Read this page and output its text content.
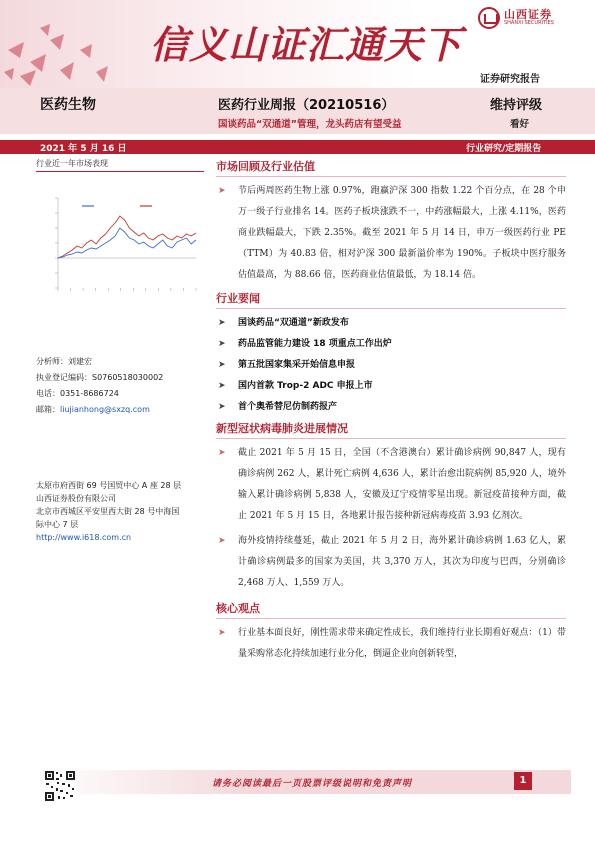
信义山证汇通天下
山西证券
SHANXI SECURITIES
证券研究报告
医药生物	医药行业周报（20210516）
国谈药品“双通道”管理，龙头药店有望受益
维持评级
看好
2021 年 5 月 16 日	行业研究/定期报告
行业近一年市场表现
分析师：刘建宏
执业登记编码：S0760518030002
电话：0351-8686724
邮箱：liujianhong@sxzq.com
太原市府西街 69 号国贸中心 A 座 28 层
山西证券股份有限公司
北京市西城区平安里西大街 28 号中海国
际中心 7 层
http://www.i618.com.cn
市场回顾及行业估值
➤ 节后两周医药生物上涨 0.97%，跑赢沪深 300 指数 1.22 个百分点，在 28 个申万一级子行业排名 14。医药子板块涨跌不一，中药涨幅最大，上涨 4.11%，医药商业跌幅最大，下跌 2.35%。截至 2021 年 5 月 14 日，申万一级医药行业 PE（TTM）为 40.83 倍，相对沪深 300 最新溢价率为 190%。子板块中医疗服务估值最高，为 88.66 倍，医药商业估值最低，为 18.14 倍。
行业要闻
➤ 国谈药品“双通道”新政发布
➤ 药品监管能力建设 18 项重点工作出炉
➤ 第五批国家集采开始信息申报
➤ 国内首款 Trop-2 ADC 申报上市
➤ 首个奥希替尼仿制药报产
新型冠状病毒肺炎进展情况
➤ 截止 2021 年 5 月 15 日，全国（不含港澳台）累计确诊病例 90,847 人，现有确诊病例 262 人，累计死亡病例 4,636 人，累计治愈出院病例 85,920 人，境外输入累计确诊病例 5,838 人，安徽及辽宁疫情零星出现。新冠疫苗接种方面，截止 2021 年 5 月 15 日，各地累计报告接种新冠病毒疫苗 3.93 亿剂次。
➤ 海外疫情持续蔓延，截止 2021 年 5 月 2 日，海外累计确诊病例 1.63 亿人，累计确诊病例最多的国家为美国，共 3,370 万人，其次为印度与巴西，分别确诊 2,468 万人、1,559 万人。
核心观点
➤ 行业基本面良好，刚性需求带来确定性成长，我们维持行业长期看好观点：（1）带量采购常态化持续加速行业分化，倒逼企业向创新转型，
请务必阅读最后一页股票评级说明和免责声明	1
